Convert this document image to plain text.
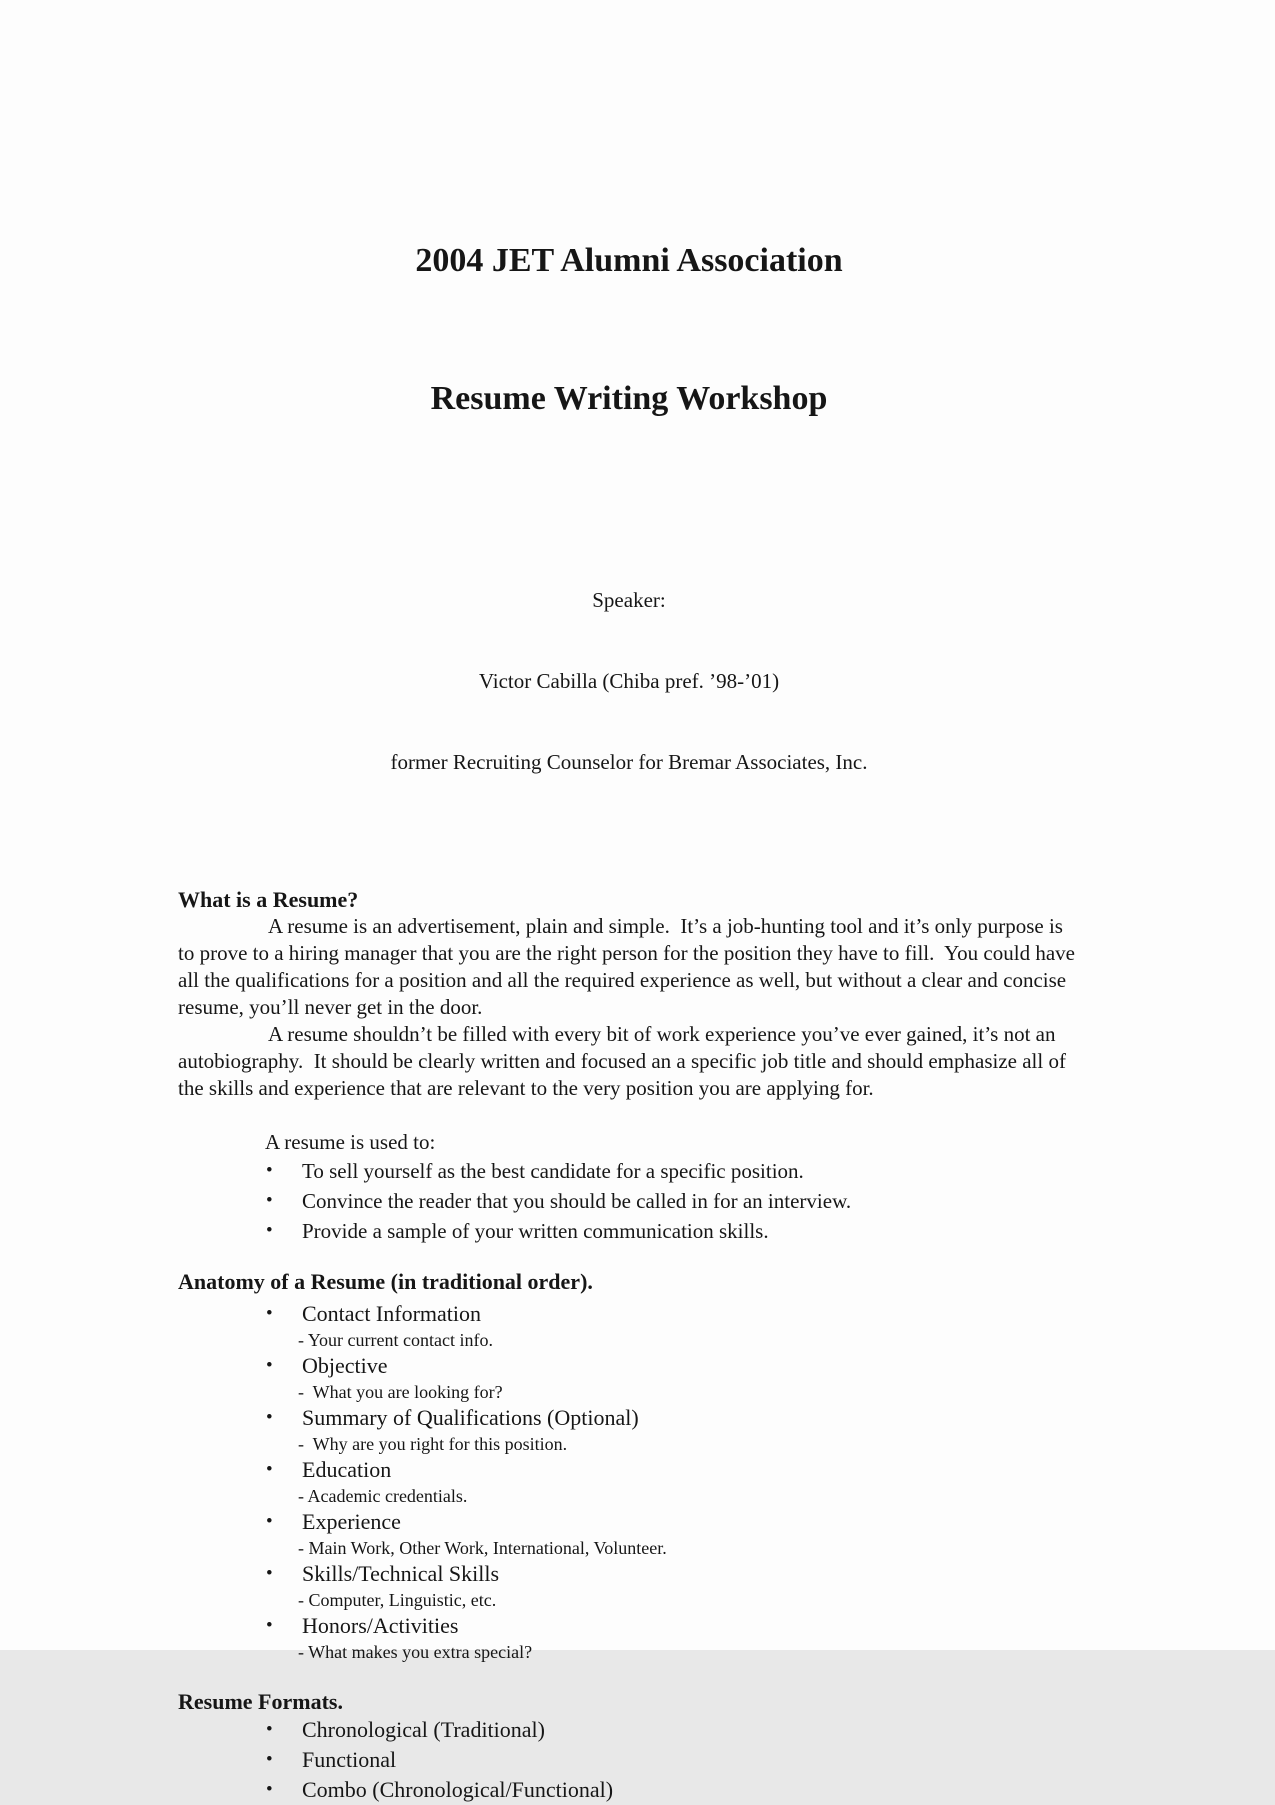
2004 JET Alumni Association

Resume Writing Workshop

Speaker:

Victor Cabilla (Chiba pref. ’98-’01)

former Recruiting Counselor for Bremar Associates, Inc.

What is a Resume?

A resume is an advertisement, plain and simple.  It’s a job-hunting tool and it’s only purpose is to prove to a hiring manager that you are the right person for the position they have to fill.  You could have all the qualifications for a position and all the required experience as well, but without a clear and concise resume, you’ll never get in the door.

A resume shouldn’t be filled with every bit of work experience you’ve ever gained, it’s not an autobiography.  It should be clearly written and focused an a specific job title and should emphasize all of the skills and experience that are relevant to the very position you are applying for.

A resume is used to:
•	To sell yourself as the best candidate for a specific position.
•	Convince the reader that you should be called in for an interview.
•	Provide a sample of your written communication skills.
Anatomy of a Resume (in traditional order).
•	Contact Information
- Your current contact info.
•	Objective
-  What you are looking for?
•	Summary of Qualifications (Optional)
-  Why are you right for this position.
•	Education
- Academic credentials.
•	Experience
- Main Work, Other Work, International, Volunteer.
•	Skills/Technical Skills
- Computer, Linguistic, etc.
•	Honors/Activities
- What makes you extra special?
Resume Formats.
•	Chronological (Traditional)
•	Functional
•	Combo (Chronological/Functional)
